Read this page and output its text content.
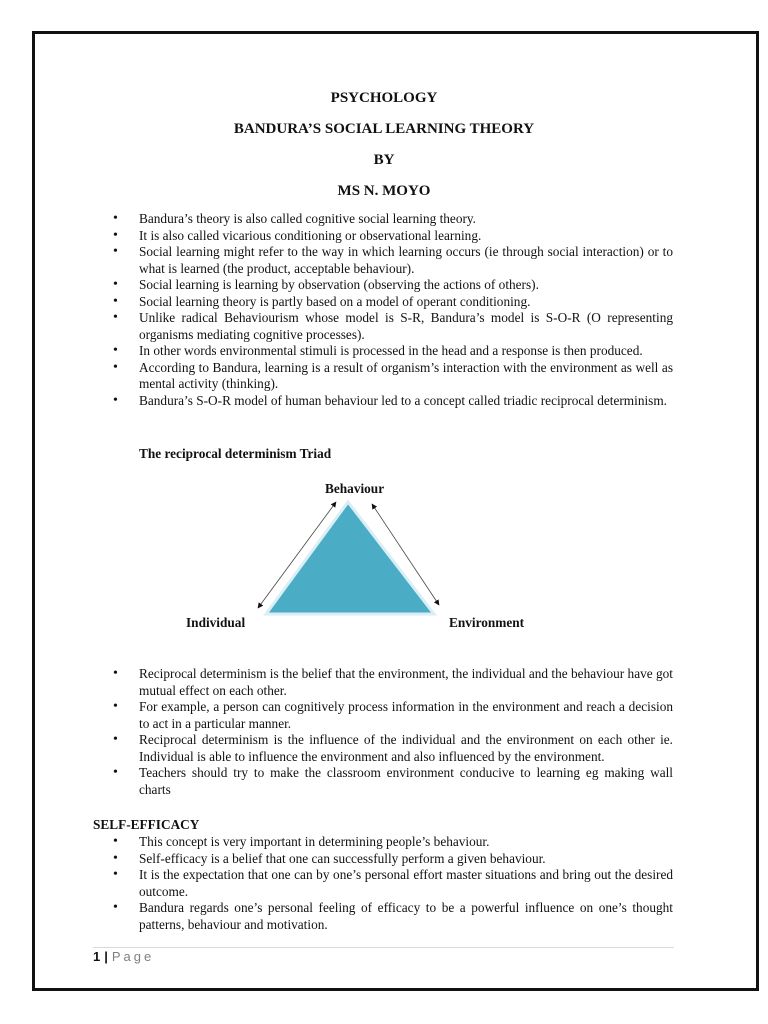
PSYCHOLOGY
BANDURA’S SOCIAL LEARNING THEORY
BY
MS N. MOYO
• Bandura’s theory is also called cognitive social learning theory.
• It is also called vicarious conditioning or observational learning.
• Social learning might refer to the way in which learning occurs (ie through social interaction) or to what is learned (the product, acceptable behaviour).
• Social learning is learning by observation (observing the actions of others).
• Social learning theory is partly based on a model of operant conditioning.
• Unlike radical Behaviourism whose model is S-R, Bandura’s model is S-O-R (O representing organisms mediating cognitive processes).
• In other words environmental stimuli is processed in the head and a response is then produced.
• According to Bandura, learning is a result of organism’s interaction with the environment as well as mental activity (thinking).
• Bandura’s S-O-R model of human behaviour led to a concept called triadic reciprocal determinism.
The reciprocal determinism Triad
Behaviour
Individual	Environment
• Reciprocal determinism is the belief that the environment, the individual and the behaviour have got mutual effect on each other.
• For example, a person can cognitively process information in the environment and reach a decision to act in a particular manner.
• Reciprocal determinism is the influence of the individual and the environment on each other ie. Individual is able to influence the environment and also influenced by the environment.
• Teachers should try to make the classroom environment conducive to learning eg making wall charts
SELF-EFFICACY
• This concept is very important in determining people’s behaviour.
• Self-efficacy is a belief that one can successfully perform a given behaviour.
• It is the expectation that one can by one’s personal effort master situations and bring out the desired outcome.
• Bandura regards one’s personal feeling of efficacy to be a powerful influence on one’s thought patterns, behaviour and motivation.
1 | Page
